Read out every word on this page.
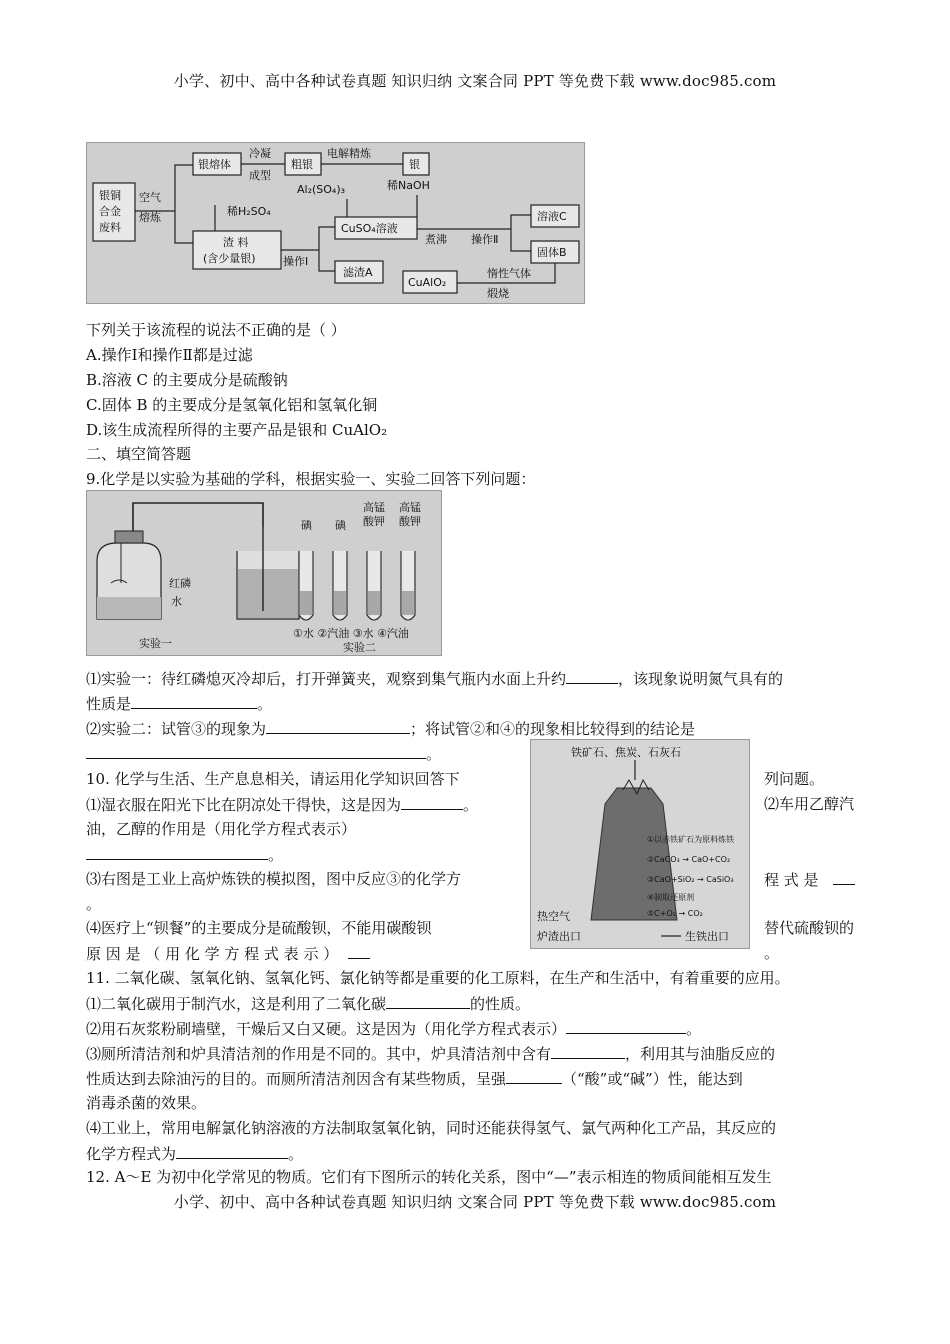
小学、初中、高中各种试卷真题 知识归纳 文案合同 PPT 等免费下载 www.doc985.com
银铜
合金
废料
空气
熔炼
银熔体
冷凝
成型
粗银
电解精炼
银
稀H₂SO₄
渣 料
(含少量银) 操作Ⅰ
Al₂(SO₄)₃	稀NaOH
CuSO₄溶液
滤渣A
煮沸 操作Ⅱ
溶液C
固体B
惰性气体
煅烧
CuAlO₂
下列关于该流程的说法不正确的是（ ）
A.操作Ⅰ和操作Ⅱ都是过滤
B.溶液 C 的主要成分是硫酸钠
C.固体 B 的主要成分是氢氧化铝和氢氧化铜
D.该生成流程所得的主要产品是银和 CuAlO₂
二、填空简答题
9.化学是以实验为基础的学科，根据实验一、实验二回答下列问题：
红磷
水
实验一
碘 碘
高锰
酸钾
高锰
酸钾
①水 ②汽油 ③水 ④汽油
实验二
⑴实验一：待红磷熄灭冷却后，打开弹簧夹，观察到集气瓶内水面上升约	，该现象说明氮气具有的
性质是	。
⑵实验二：试管③的现象为	；将试管②和④的现象相比较得到的结论是
。	铁矿石、焦炭、石灰石
①以赤铁矿石为原料炼铁
②CaCO₃ → CaO+CO₂
③CaO+SiO₂ → CaSiO₃
④制取还原剂
⑤C+O₂ → CO₂
热空气
炉渣出口	生铁出口
10. 化学与生活、生产息息相关，请运用化学知识回答下	列问题。
⑴湿衣服在阳光下比在阴凉处干得快，这是因为	。	⑵车用乙醇汽
油，乙醇的作用是（用化学方程式表示）
。
⑶右图是工业上高炉炼铁的模拟图，图中反应③的化学方	程 式 是
。
⑷医疗上“钡餐”的主要成分是硫酸钡，不能用碳酸钡	替代硫酸钡的
原 因 是 （ 用 化 学 方 程 式 表 示 ）	。
11. 二氧化碳、氢氧化钠、氢氧化钙、氯化钠等都是重要的化工原料，在生产和生活中，有着重要的应用。
⑴二氧化碳用于制汽水，这是利用了二氧化碳	的性质。
⑵用石灰浆粉刷墙壁，干燥后又白又硬。这是因为（用化学方程式表示）	。
⑶厕所清洁剂和炉具清洁剂的作用是不同的。其中，炉具清洁剂中含有	，利用其与油脂反应的
性质达到去除油污的目的。而厕所清洁剂因含有某些物质，呈强	（“酸”或“碱”）性，能达到
消毒杀菌的效果。
⑷工业上，常用电解氯化钠溶液的方法制取氢氧化钠，同时还能获得氢气、氯气两种化工产品，其反应的
化学方程式为	。
12. A～E 为初中化学常见的物质。它们有下图所示的转化关系，图中“—”表示相连的物质间能相互发生
小学、初中、高中各种试卷真题 知识归纳 文案合同 PPT 等免费下载 www.doc985.com
